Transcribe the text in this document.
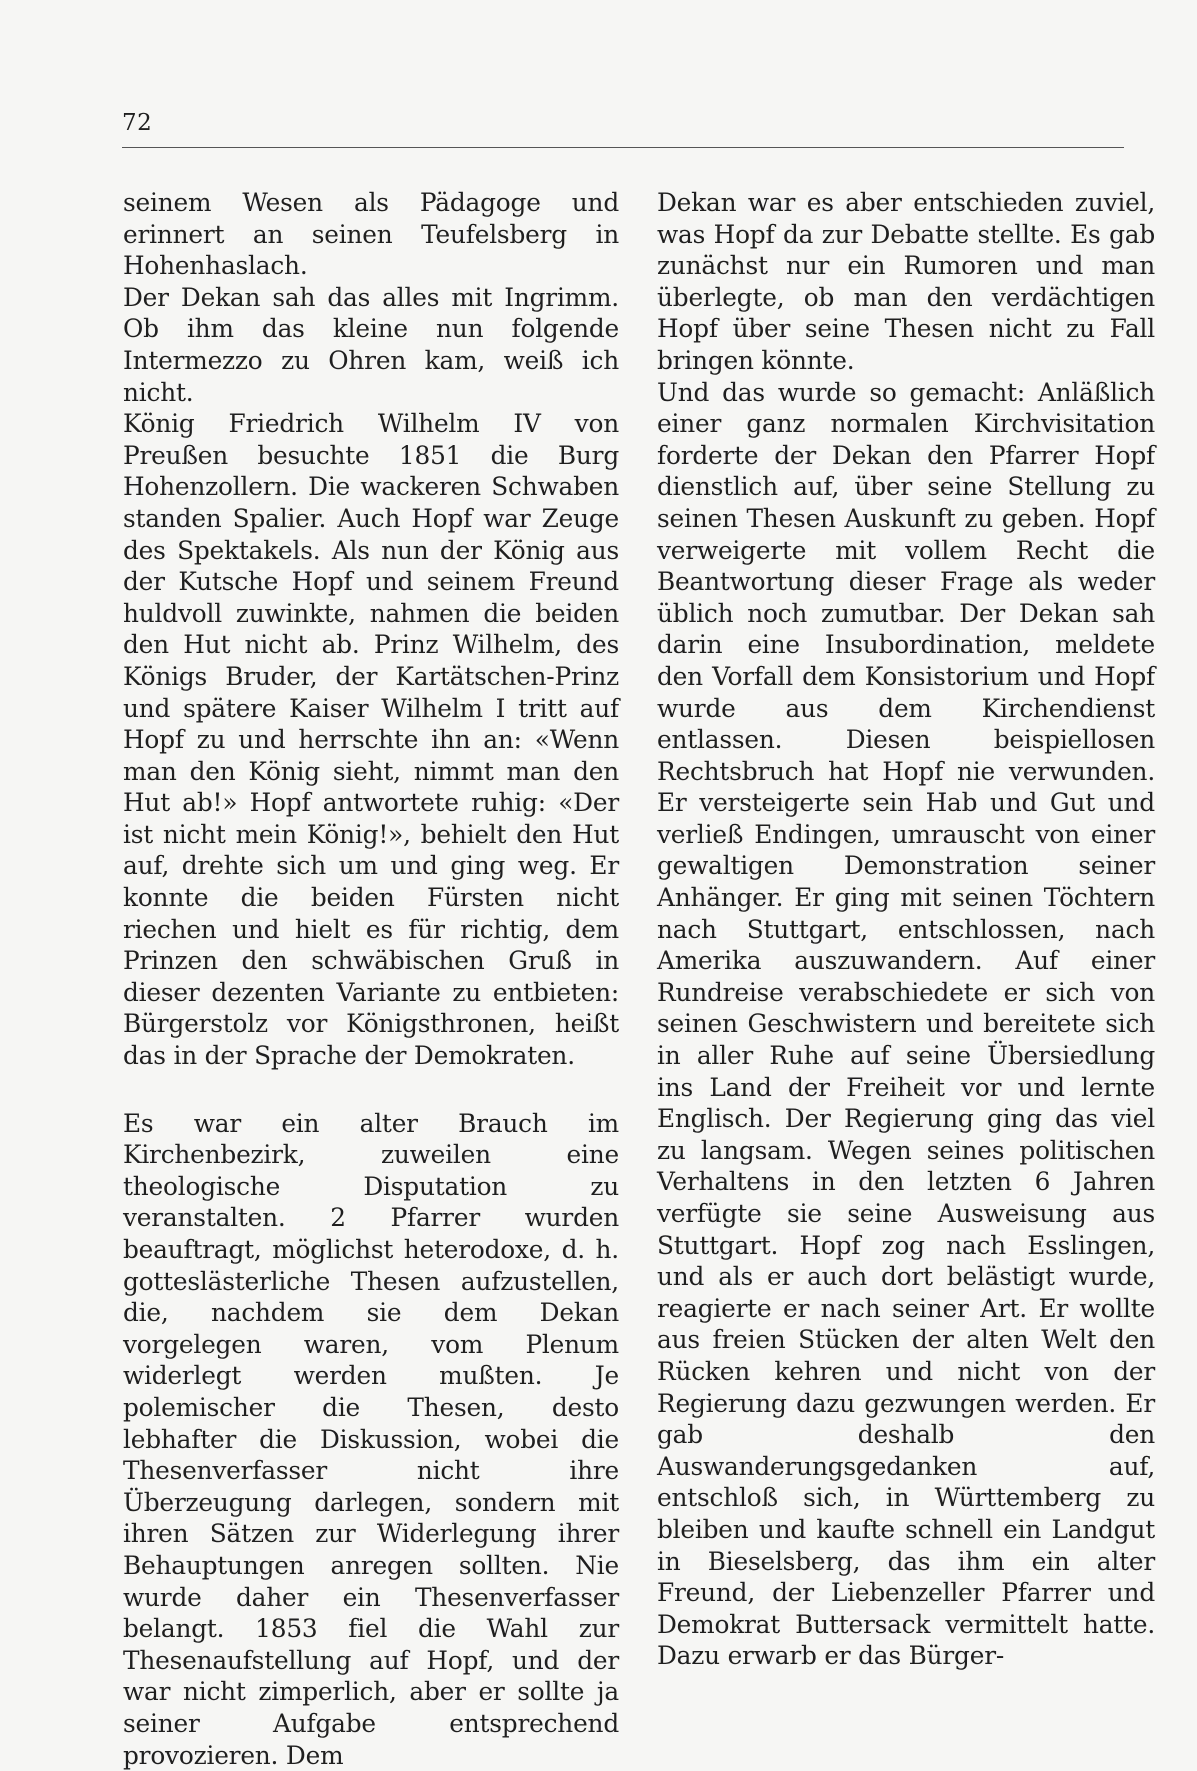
72

seinem Wesen als Pädagoge und erinnert an seinen Teufelsberg in Hohenhaslach.

Der Dekan sah das alles mit Ingrimm. Ob ihm das kleine nun folgende Intermezzo zu Ohren kam, weiß ich nicht.

König Friedrich Wilhelm IV von Preußen besuchte 1851 die Burg Hohenzollern. Die wackeren Schwaben standen Spalier. Auch Hopf war Zeuge des Spektakels. Als nun der König aus der Kutsche Hopf und seinem Freund huldvoll zuwinkte, nahmen die beiden den Hut nicht ab. Prinz Wilhelm, des Königs Bruder, der Kartätschen-Prinz und spätere Kaiser Wilhelm I tritt auf Hopf zu und herrschte ihn an: «Wenn man den König sieht, nimmt man den Hut ab!» Hopf antwortete ruhig: «Der ist nicht mein König!», behielt den Hut auf, drehte sich um und ging weg. Er konnte die beiden Fürsten nicht riechen und hielt es für richtig, dem Prinzen den schwäbischen Gruß in dieser dezenten Variante zu entbieten: Bürgerstolz vor Königsthronen, heißt das in der Sprache der Demokraten.

Es war ein alter Brauch im Kirchenbezirk, zuweilen eine theologische Disputation zu veranstalten. 2 Pfarrer wurden beauftragt, möglichst heterodoxe, d. h. gotteslästerliche Thesen aufzustellen, die, nachdem sie dem Dekan vorgelegen waren, vom Plenum widerlegt werden mußten. Je polemischer die Thesen, desto lebhafter die Diskussion, wobei die Thesenverfasser nicht ihre Überzeugung darlegen, sondern mit ihren Sätzen zur Widerlegung ihrer Behauptungen anregen sollten. Nie wurde daher ein Thesenverfasser belangt. 1853 fiel die Wahl zur Thesenaufstellung auf Hopf, und der war nicht zimperlich, aber er sollte ja seiner Aufgabe entsprechend provozieren. Dem

Dekan war es aber entschieden zuviel, was Hopf da zur Debatte stellte. Es gab zunächst nur ein Rumoren und man überlegte, ob man den verdächtigen Hopf über seine Thesen nicht zu Fall bringen könnte.

Und das wurde so gemacht: Anläßlich einer ganz normalen Kirchvisitation forderte der Dekan den Pfarrer Hopf dienstlich auf, über seine Stellung zu seinen Thesen Auskunft zu geben. Hopf verweigerte mit vollem Recht die Beantwortung dieser Frage als weder üblich noch zumutbar. Der Dekan sah darin eine Insubordination, meldete den Vorfall dem Konsistorium und Hopf wurde aus dem Kirchendienst entlassen. Diesen beispiellosen Rechtsbruch hat Hopf nie verwunden. Er versteigerte sein Hab und Gut und verließ Endingen, umrauscht von einer gewaltigen Demonstration seiner Anhänger. Er ging mit seinen Töchtern nach Stuttgart, entschlossen, nach Amerika auszuwandern. Auf einer Rundreise verabschiedete er sich von seinen Geschwistern und bereitete sich in aller Ruhe auf seine Übersiedlung ins Land der Freiheit vor und lernte Englisch. Der Regierung ging das viel zu langsam. Wegen seines politischen Verhaltens in den letzten 6 Jahren verfügte sie seine Ausweisung aus Stuttgart. Hopf zog nach Esslingen, und als er auch dort belästigt wurde, reagierte er nach seiner Art. Er wollte aus freien Stücken der alten Welt den Rücken kehren und nicht von der Regierung dazu gezwungen werden. Er gab deshalb den Auswanderungsgedanken auf, entschloß sich, in Württemberg zu bleiben und kaufte schnell ein Landgut in Bieselsberg, das ihm ein alter Freund, der Liebenzeller Pfarrer und Demokrat Buttersack vermittelt hatte. Dazu erwarb er das Bürger-
